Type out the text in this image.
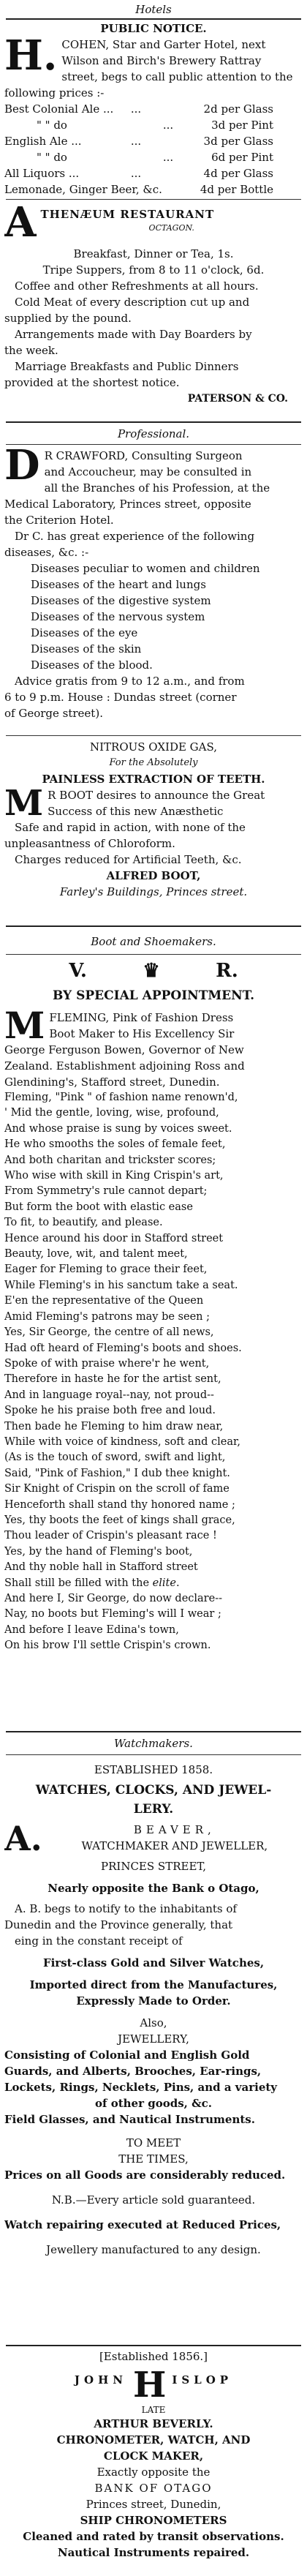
Hotels

PUBLIC NOTICE.

H. COHEN, Star and Garter Hotel, next

Wilson and Birch's Brewery Rattray

street, begs to call public attention to the

following prices :-

Best Colonial Ale ...	...	2d per Glass
" " do	...	3d per Pint
English Ale ...	...	3d per Glass
" " do	...	6d per Pint
All Liquors ...	...	4d per Glass
Lemonade, Ginger Beer, &c.	4d per Bottle
A THENÆUM RESTAURANT

OCTAGON.

Breakfast, Dinner or Tea, 1s.

Tripe Suppers, from 8 to 11 o'clock, 6d.

Coffee and other Refreshments at all hours.

Cold Meat of every description cut up and

supplied by the pound.

Arrangements made with Day Boarders by

the week.

Marriage Breakfasts and Public Dinners

provided at the shortest notice.

PATERSON & CO.

Professional.

D R CRAWFORD, Consulting Surgeon

and Accoucheur, may be consulted in

all the Branches of his Profession, at the

Medical Laboratory, Princes street, opposite

the Criterion Hotel.

Dr C. has great experience of the following

diseases, &c. :-

Diseases peculiar to women and children

Diseases of the heart and lungs

Diseases of the digestive system

Diseases of the nervous system

Diseases of the eye

Diseases of the skin

Diseases of the blood.

Advice gratis from 9 to 12 a.m., and from

6 to 9 p.m. House : Dundas street (corner

of George street).

NITROUS OXIDE GAS,

For the Absolutely

PAINLESS EXTRACTION OF TEETH.

M R BOOT desires to announce the Great

Success of this new Anæsthetic

Safe and rapid in action, with none of the

unpleasantness of Chloroform.

Charges reduced for Artificial Teeth, &c.

ALFRED BOOT,

Farley's Buildings, Princes street.

Boot and Shoemakers.

V.	♛	R.

BY SPECIAL APPOINTMENT.

M FLEMING, Pink of Fashion Dress

Boot Maker to His Excellency Sir

George Ferguson Bowen, Governor of New

Zealand. Establishment adjoining Ross and

Glendining's, Stafford street, Dunedin.

Fleming, "Pink " of fashion name renown'd,

' Mid the gentle, loving, wise, profound,

And whose praise is sung by voices sweet.

He who smooths the soles of female feet,

And both charitan and trickster scores;

Who wise with skill in King Crispin's art,

From Symmetry's rule cannot depart;

But form the boot with elastic ease

To fit, to beautify, and please.

Hence around his door in Stafford street

Beauty, love, wit, and talent meet,

Eager for Fleming to grace their feet,

While Fleming's in his sanctum take a seat.

E'en the representative of the Queen

Amid Fleming's patrons may be seen ;

Yes, Sir George, the centre of all news,

Had oft heard of Fleming's boots and shoes.

Spoke of with praise where'r he went,

Therefore in haste he for the artist sent,

And in language royal--nay, not proud--

Spoke he his praise both free and loud.

Then bade he Fleming to him draw near,

While with voice of kindness, soft and clear,

(As is the touch of sword, swift and light,

Said, "Pink of Fashion," I dub thee knight.

Sir Knight of Crispin on the scroll of fame

Henceforth shall stand thy honored name ;

Yes, thy boots the feet of kings shall grace,

Thou leader of Crispin's pleasant race !

Yes, by the hand of Fleming's boot,

And thy noble hall in Stafford street

Shall still be filled with the elite.

And here I, Sir George, do now declare--

Nay, no boots but Fleming's will I wear ;

And before I leave Edina's town,

On his brow I'll settle Crispin's crown.

Watchmakers.

ESTABLISHED 1858.

WATCHES, CLOCKS, AND JEWEL-

LERY.

A.	BEAVER,

WATCHMAKER AND JEWELLER,

PRINCES STREET,

Nearly opposite the Bank o Otago,

A. B. begs to notify to the inhabitants of

Dunedin and the Province generally, that

eing in the constant receipt of

First-class Gold and Silver Watches,

Imported direct from the Manufactures,

Expressly Made to Order.

Also,

JEWELLERY,

Consisting of Colonial and English Gold

Guards, and Alberts, Brooches, Ear-rings,

Lockets, Rings, Necklets, Pins, and a variety

of other goods, &c.

Field Glasses, and Nautical Instruments.

TO MEET

THE TIMES,

Prices on all Goods are considerably reduced.

N.B.—Every article sold guaranteed.

Watch repairing executed at Reduced Prices,

Jewellery manufactured to any design.

[Established 1856.]

JOHN H ISLOP

LATE

ARTHUR BEVERLY.

CHRONOMETER, WATCH, AND

CLOCK MAKER,

Exactly opposite the

BANK OF OTAGO

Princes street, Dunedin,

SHIP CHRONOMETERS

Cleaned and rated by transit observations.

Nautical Instruments repaired.
